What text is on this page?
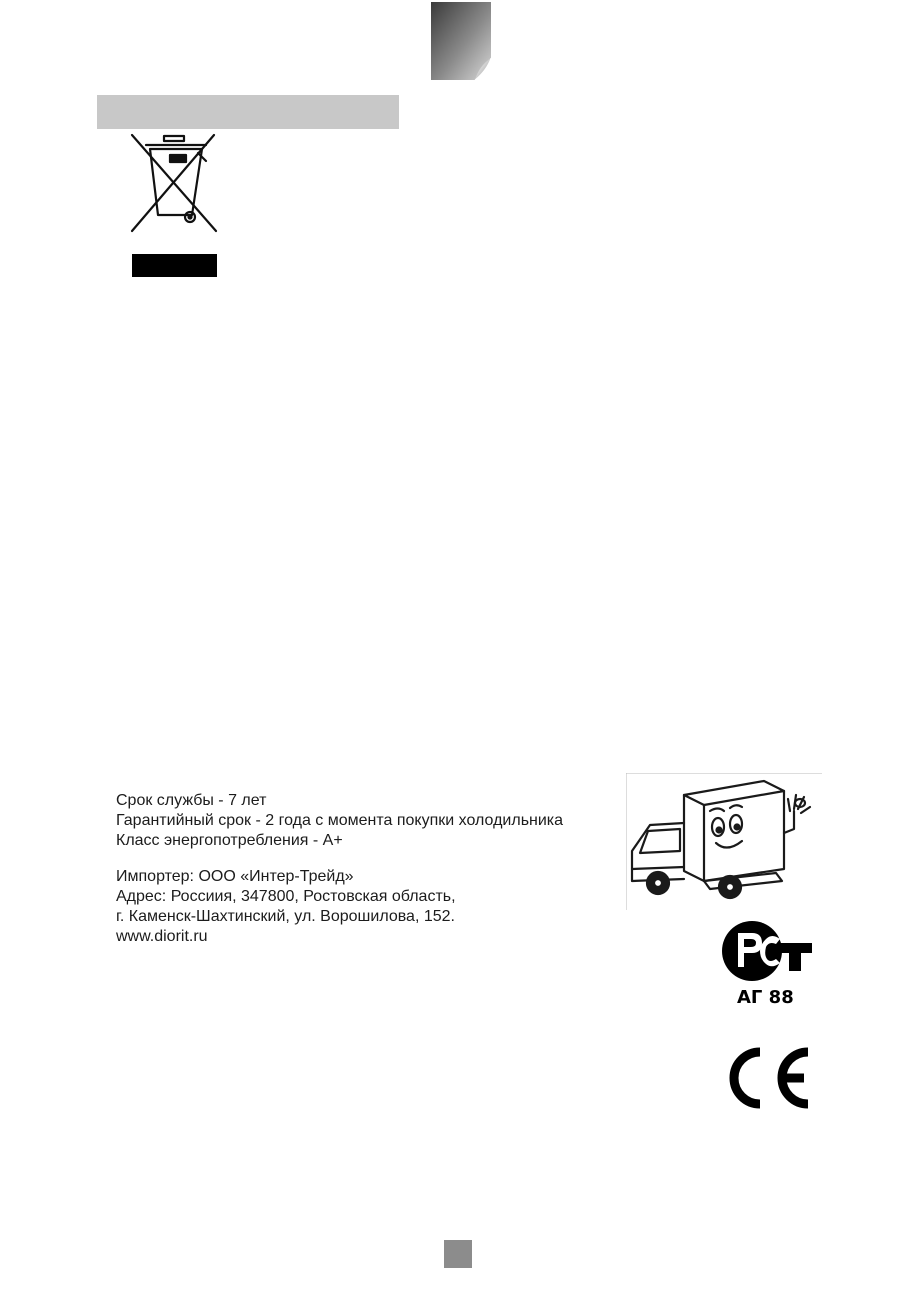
Срок службы - 7 лет
Гарантийный срок - 2 года с момента покупки холодильника
Класс энергопотребления - А+
Импортер: ООО «Интер-Трейд»
Адрес: Россиия, 347800, Ростовская область,
г. Каменск-Шахтинский, ул. Ворошилова, 152.
www.diorit.ru
АГ 88
